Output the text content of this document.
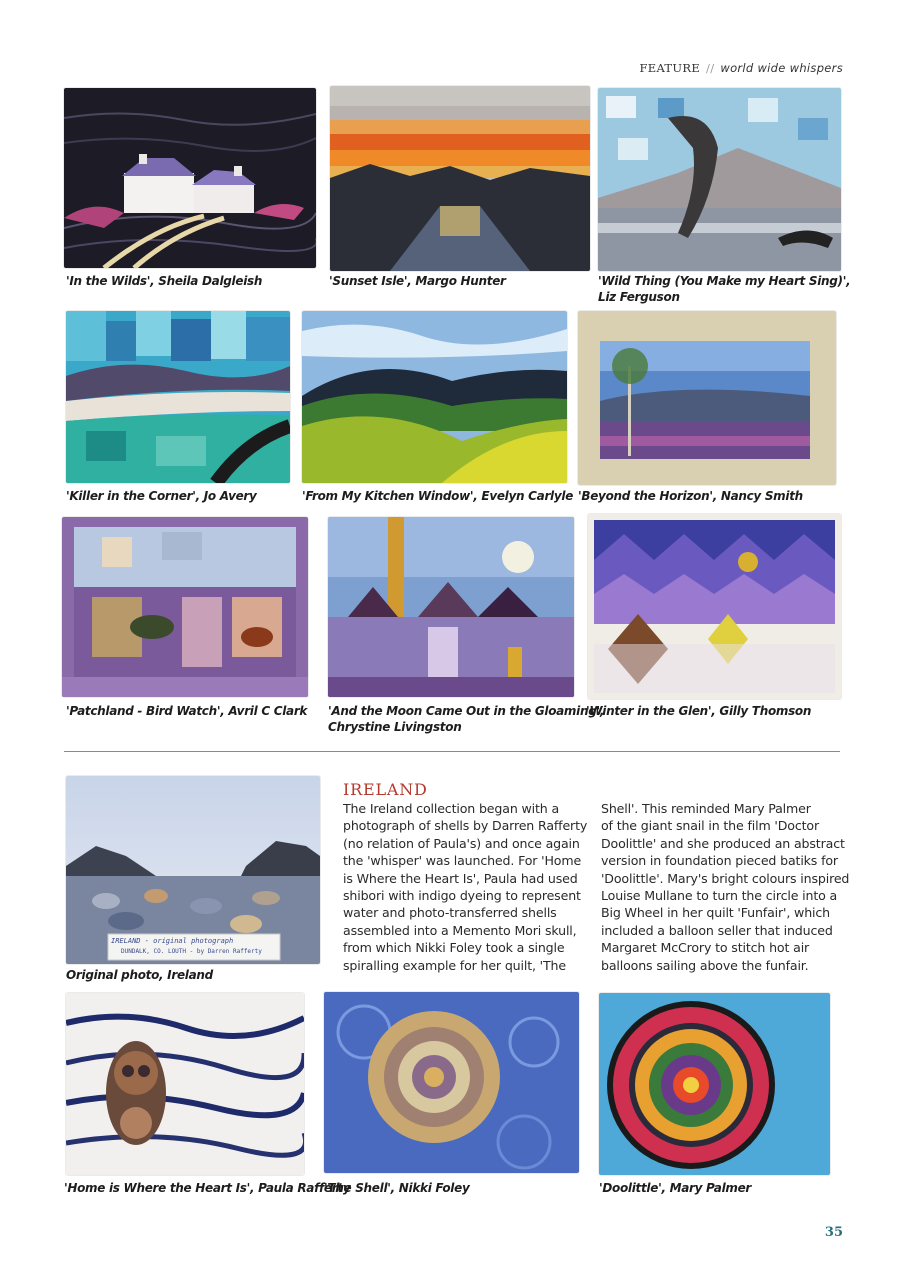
FEATURE // world wide whispers
'In the Wilds', Sheila Dalgleish	'Sunset Isle', Margo Hunter	'Wild Thing (You Make my Heart Sing)',
Liz Ferguson
'Killer in the Corner', Jo Avery	'From My Kitchen Window', Evelyn Carlyle 'Beyond the Horizon', Nancy Smith
'Patchland - Bird Watch', Avril C Clark 'And the Moon Came Out in the Gloaming',
Chrystine Livingston
'Winter in the Glen', Gilly Thomson
IRELAND - original photograph
DUNDALK, CO. LOUTH - by Darren Rafferty
Original photo, Ireland
IRELAND
The Ireland collection began with a
photograph of shells by Darren Rafferty
(no relation of Paula's) and once again
the 'whisper' was launched. For 'Home
is Where the Heart Is', Paula had used
shibori with indigo dyeing to represent
water and photo-transferred shells
assembled into a Memento Mori skull,
from which Nikki Foley took a single
spiralling example for her quilt, 'The
Shell'. This reminded Mary Palmer
of the giant snail in the film 'Doctor
Doolittle' and she produced an abstract
version in foundation pieced batiks for
'Doolittle'. Mary's bright colours inspired
Louise Mullane to turn the circle into a
Big Wheel in her quilt 'Funfair', which
included a balloon seller that induced
Margaret McCrory to stitch hot air
balloons sailing above the funfair.
'Home is Where the Heart Is', Paula Rafferty
'The Shell', Nikki Foley	'Doolittle', Mary Palmer
35
